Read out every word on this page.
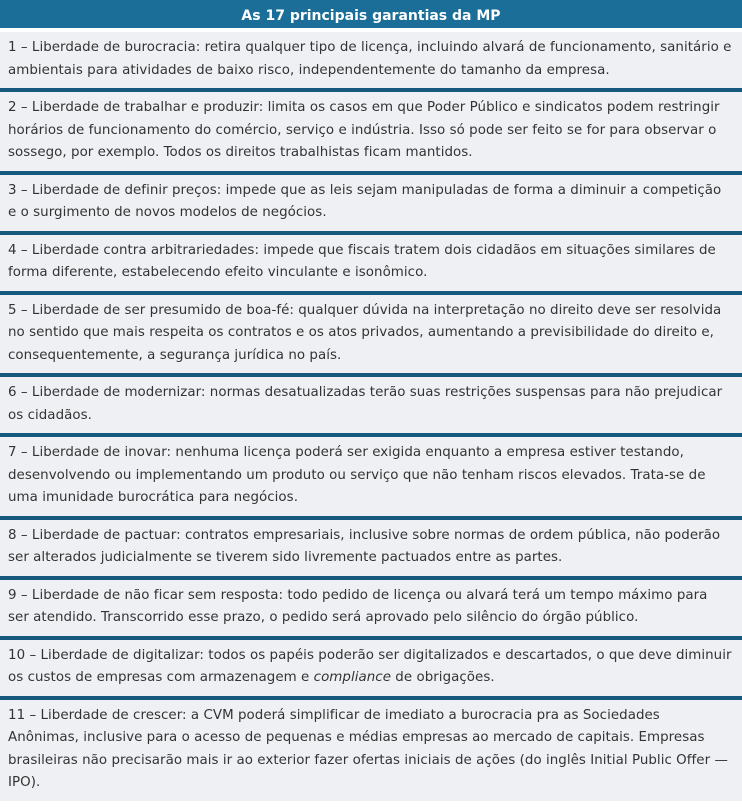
As 17 principais garantias da MP
1 – Liberdade de burocracia: retira qualquer tipo de licença, incluindo alvará de funcionamento, sanitário e ambientais para atividades de baixo risco, independentemente do tamanho da empresa.
2 – Liberdade de trabalhar e produzir: limita os casos em que Poder Público e sindicatos podem restringir horários de funcionamento do comércio, serviço e indústria. Isso só pode ser feito se for para observar o sossego, por exemplo. Todos os direitos trabalhistas ficam mantidos.
3 – Liberdade de definir preços: impede que as leis sejam manipuladas de forma a diminuir a competição e o surgimento de novos modelos de negócios.
4 – Liberdade contra arbitrariedades: impede que fiscais tratem dois cidadãos em situações similares de forma diferente, estabelecendo efeito vinculante e isonômico.
5 – Liberdade de ser presumido de boa-fé: qualquer dúvida na interpretação no direito deve ser resolvida no sentido que mais respeita os contratos e os atos privados, aumentando a previsibilidade do direito e, consequentemente, a segurança jurídica no país.
6 – Liberdade de modernizar: normas desatualizadas terão suas restrições suspensas para não prejudicar os cidadãos.
7 – Liberdade de inovar: nenhuma licença poderá ser exigida enquanto a empresa estiver testando, desenvolvendo ou implementando um produto ou serviço que não tenham riscos elevados. Trata-se de uma imunidade burocrática para negócios.
8 – Liberdade de pactuar: contratos empresariais, inclusive sobre normas de ordem pública, não poderão ser alterados judicialmente se tiverem sido livremente pactuados entre as partes.
9 – Liberdade de não ficar sem resposta: todo pedido de licença ou alvará terá um tempo máximo para ser atendido. Transcorrido esse prazo, o pedido será aprovado pelo silêncio do órgão público.
10 – Liberdade de digitalizar: todos os papéis poderão ser digitalizados e descartados, o que deve diminuir os custos de empresas com armazenagem e compliance de obrigações.
11 – Liberdade de crescer: a CVM poderá simplificar de imediato a burocracia pra as Sociedades Anônimas, inclusive para o acesso de pequenas e médias empresas ao mercado de capitais. Empresas brasileiras não precisarão mais ir ao exterior fazer ofertas iniciais de ações (do inglês Initial Public Offer — IPO).
